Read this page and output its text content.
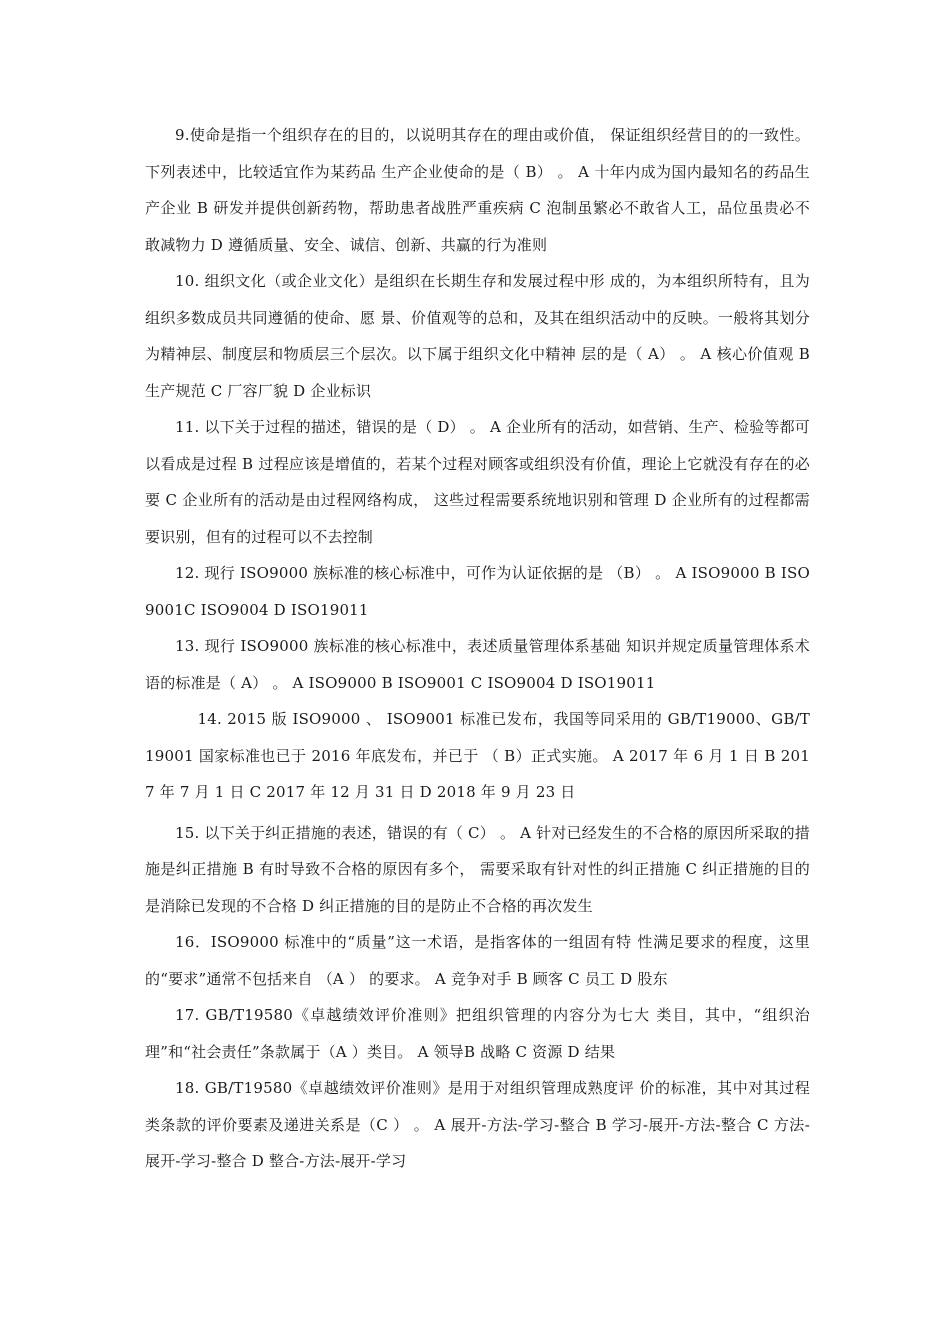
9.使命是指一个组织存在的目的，以说明其存在的理由或价值， 保证组织经营目的的一致性。下列表述中，比较适宜作为某药品 生产企业使命的是（ B） 。 A 十年内成为国内最知名的药品生产企业 B 研发并提供创新药物，帮助患者战胜严重疾病 C 泡制虽繁必不敢省人工，品位虽贵必不敢减物力 D 遵循质量、安全、诚信、创新、共赢的行为准则

10. 组织文化（或企业文化）是组织在长期生存和发展过程中形 成的，为本组织所特有，且为组织多数成员共同遵循的使命、愿 景、价值观等的总和，及其在组织活动中的反映。一般将其划分 为精神层、制度层和物质层三个层次。以下属于组织文化中精神 层的是（ A） 。 A 核心价值观 B 生产规范 C 厂容厂貌 D 企业标识

11. 以下关于过程的描述，错误的是（ D） 。 A 企业所有的活动，如营销、生产、检验等都可以看成是过程 B 过程应该是增值的，若某个过程对顾客或组织没有价值，理论上它就没有存在的必要 C 企业所有的活动是由过程网络构成， 这些过程需要系统地识别和管理 D 企业所有的过程都需要识别，但有的过程可以不去控制

12. 现行 ISO9000 族标准的核心标准中，可作为认证依据的是 （B） 。 A ISO9000 B ISO9001C ISO9004 D ISO19011

13. 现行 ISO9000 族标准的核心标准中，表述质量管理体系基础 知识并规定质量管理体系术语的标准是（ A） 。 A ISO9000 B ISO9001 C ISO9004 D ISO19011

14. 2015 版 ISO9000 、 ISO9001 标准已发布，我国等同采用的 GB/T19000、GB/T19001 国家标准也已于 2016 年底发布，并已于 （ B）正式实施。 A 2017 年 6 月 1 日 B 2017 年 7 月 1 日 C 2017 年 12 月 31 日 D 2018 年 9 月 23 日

15. 以下关于纠正措施的表述，错误的有（ C） 。 A 针对已经发生的不合格的原因所采取的措施是纠正措施 B 有时导致不合格的原因有多个， 需要采取有针对性的纠正措施 C 纠正措施的目的是消除已发现的不合格 D 纠正措施的目的是防止不合格的再次发生

16．ISO9000 标准中的“质量”这一术语，是指客体的一组固有特 性满足要求的程度，这里的“要求”通常不包括来自 （A ） 的要求。 A 竞争对手 B 顾客 C 员工 D 股东

17. GB/T19580《卓越绩效评价准则》把组织管理的内容分为七大 类目，其中，“组织治理”和“社会责任”条款属于（A ）类目。 A 领导B 战略 C 资源 D 结果

18. GB/T19580《卓越绩效评价准则》是用于对组织管理成熟度评 价的标准，其中对其过程类条款的评价要素及递进关系是（C ） 。 A 展开-方法-学习-整合 B 学习-展开-方法-整合 C 方法-展开-学习-整合 D 整合-方法-展开-学习
